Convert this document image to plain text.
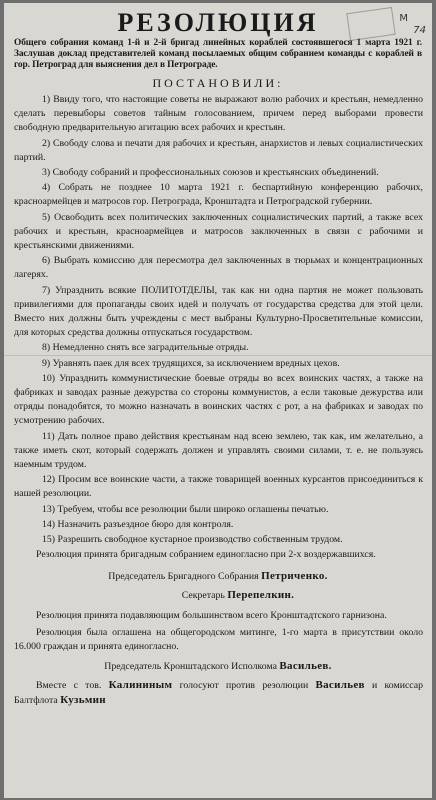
М
74
РЕЗОЛЮЦИЯ

Общего собрания команд 1-й и 2-й бригад линейных кораблей состоявшегося 1 марта 1921 г. Заслушав доклад представителей команд посылаемых общим собранием команды с кораблей в гор. Петроград для выяснения дел в Петрограде.

ПОСТАНОВИЛИ:
1) Ввиду того, что настоящие советы не выражают волю рабочих и крестьян, немедленно сделать перевыборы советов тайным голосованием, причем перед выборами провести свободную предварительную агитацию всех рабочих и крестьян.
2) Свободу слова и печати для рабочих и крестьян, анархистов и левых социалистических партий.
3) Свободу собраний и профессиональных союзов и крестьянских объединений.
4) Собрать не позднее 10 марта 1921 г. беспартийную конференцию рабочих, красноармейцев и матросов гор. Петрограда, Кронштадта и Петроградской губернии.
5) Освободить всех политических заключенных социалистических партий, а также всех рабочих и крестьян, красноармейцев и матросов заключенных в связи с рабочими и крестьянскими движениями.
6) Выбрать комиссию для пересмотра дел заключенных в тюрьмах и концентрационных лагерях.
7) Упразднить всякие ПОЛИТОТДЕЛЫ, так как ни одна партия не может пользовать привилегиями для пропаганды своих идей и получать от государства средства для этой цели. Вместо них должны быть учреждены с мест выбраны Культурно-Просветительные комиссии, для которых средства должны отпускаться государством.
8) Немедленно снять все заградительные отряды.
9) Уравнять паек для всех трудящихся, за исключением вредных цехов.
10) Упразднить коммунистические боевые отряды во всех воинских частях, а также на фабриках и заводах разные дежурства со стороны коммунистов, а если таковые дежурства или отряды понадобятся, то можно назначать в воинских частях с рот, а на фабриках и заводах по усмотрению рабочих.
11) Дать полное право действия крестьянам над всею землею, так как, им желательно, а также иметь скот, который содержать должен и управлять своими силами, т. е. не пользуясь наемным трудом.
12) Просим все воинские части, а также товарищей военных курсантов присоединиться к нашей резолюции.
13) Требуем, чтобы все резолюции были широко оглашены печатью.
14) Назначить разъездное бюро для контроля.
15) Разрешить свободное кустарное производство собственным трудом.

Резолюция принята бригадным собранием единогласно при 2-х воздержавшихся.

Председатель Бригадного Собрания Петриченко.
Секретарь Перепелкин.

Резолюция принята подавляющим большинством всего Кронштадтского гарнизона.

Резолюция была оглашена на общегородском митинге, 1-го марта в присутствии около 16.000 граждан и принята единогласно.

Председатель Кронштадского Исполкома Васильев.

Вместе с тов. Калининым голосуют против резолюции Васильев и комиссар Балтфлота Кузьмин
